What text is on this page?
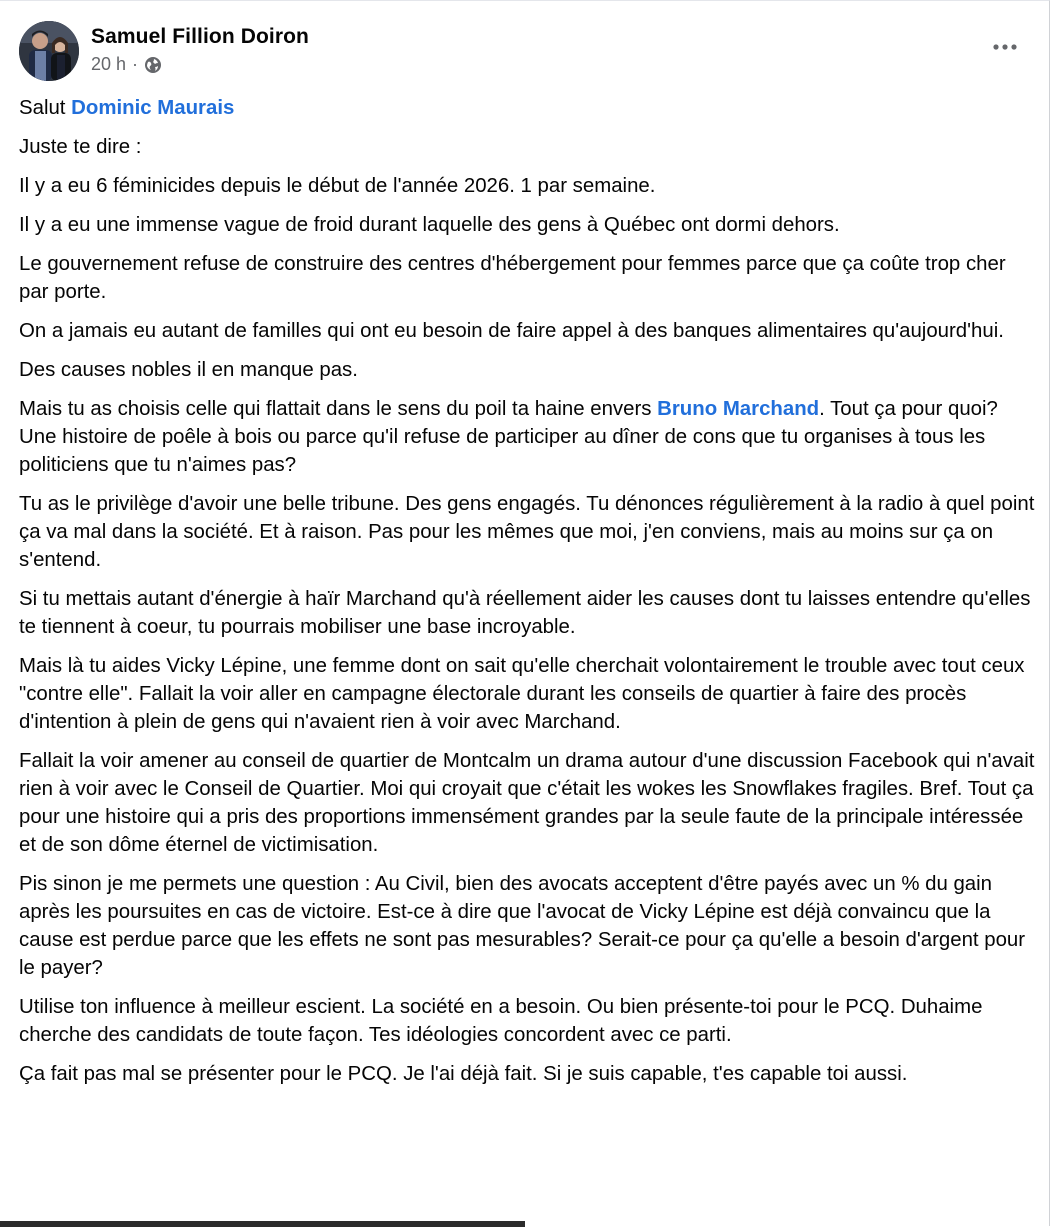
Samuel Fillion Doiron
20 h ·

Salut Dominic Maurais

Juste te dire :

Il y a eu 6 féminicides depuis le début de l'année 2026. 1 par semaine.

Il y a eu une immense vague de froid durant laquelle des gens à Québec ont dormi dehors.

Le gouvernement refuse de construire des centres d'hébergement pour femmes parce que ça coûte trop cher par porte.

On a jamais eu autant de familles qui ont eu besoin de faire appel à des banques alimentaires qu'aujourd'hui.

Des causes nobles il en manque pas.

Mais tu as choisis celle qui flattait dans le sens du poil ta haine envers Bruno Marchand. Tout ça pour quoi? Une histoire de poêle à bois ou parce qu'il refuse de participer au dîner de cons que tu organises à tous les politiciens que tu n'aimes pas?

Tu as le privilège d'avoir une belle tribune. Des gens engagés. Tu dénonces régulièrement à la radio à quel point ça va mal dans la société. Et à raison. Pas pour les mêmes que moi, j'en conviens, mais au moins sur ça on s'entend.

Si tu mettais autant d'énergie à haïr Marchand qu'à réellement aider les causes dont tu laisses entendre qu'elles te tiennent à coeur, tu pourrais mobiliser une base incroyable.

Mais là tu aides Vicky Lépine, une femme dont on sait qu'elle cherchait volontairement le trouble avec tout ceux "contre elle". Fallait la voir aller en campagne électorale durant les conseils de quartier à faire des procès d'intention à plein de gens qui n'avaient rien à voir avec Marchand.

Fallait la voir amener au conseil de quartier de Montcalm un drama autour d'une discussion Facebook qui n'avait rien à voir avec le Conseil de Quartier. Moi qui croyait que c'était les wokes les Snowflakes fragiles. Bref. Tout ça pour une histoire qui a pris des proportions immensément grandes par la seule faute de la principale intéressée et de son dôme éternel de victimisation.

Pis sinon je me permets une question : Au Civil, bien des avocats acceptent d'être payés avec un % du gain après les poursuites en cas de victoire. Est-ce à dire que l'avocat de Vicky Lépine est déjà convaincu que la cause est perdue parce que les effets ne sont pas mesurables? Serait-ce pour ça qu'elle a besoin d'argent pour le payer?

Utilise ton influence à meilleur escient. La société en a besoin. Ou bien présente-toi pour le PCQ. Duhaime cherche des candidats de toute façon. Tes idéologies concordent avec ce parti.

Ça fait pas mal se présenter pour le PCQ. Je l'ai déjà fait. Si je suis capable, t'es capable toi aussi.
